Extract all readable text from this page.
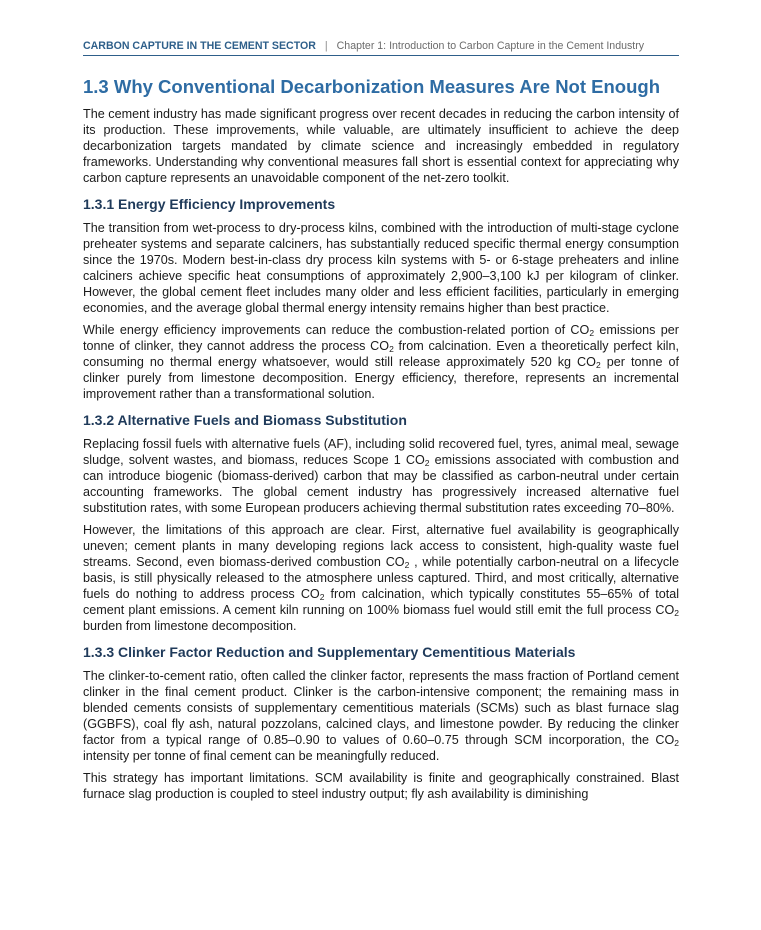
CARBON CAPTURE IN THE CEMENT SECTOR | Chapter 1: Introduction to Carbon Capture in the Cement Industry
1.3 Why Conventional Decarbonization Measures Are Not Enough

The cement industry has made significant progress over recent decades in reducing the carbon intensity of its production. These improvements, while valuable, are ultimately insufficient to achieve the deep decarbonization targets mandated by climate science and increasingly embedded in regulatory frameworks. Understanding why conventional measures fall short is essential context for appreciating why carbon capture represents an unavoidable component of the net-zero toolkit.

1.3.1 Energy Efficiency Improvements

The transition from wet-process to dry-process kilns, combined with the introduction of multi-stage cyclone preheater systems and separate calciners, has substantially reduced specific thermal energy consumption since the 1970s. Modern best-in-class dry process kiln systems with 5- or 6-stage preheaters and inline calciners achieve specific heat consumptions of approximately 2,900–3,100 kJ per kilogram of clinker. However, the global cement fleet includes many older and less efficient facilities, particularly in emerging economies, and the average global thermal energy intensity remains higher than best practice.

While energy efficiency improvements can reduce the combustion-related portion of $CO_2$ emissions per tonne of clinker, they cannot address the process $CO_2$ from calcination. Even a theoretically perfect kiln, consuming no thermal energy whatsoever, would still release approximately 520 kg $CO_2$ per tonne of clinker purely from limestone decomposition. Energy efficiency, therefore, represents an incremental improvement rather than a transformational solution.

1.3.2 Alternative Fuels and Biomass Substitution

Replacing fossil fuels with alternative fuels (AF), including solid recovered fuel, tyres, animal meal, sewage sludge, solvent wastes, and biomass, reduces Scope 1 $CO_2$ emissions associated with combustion and can introduce biogenic (biomass-derived) carbon that may be classified as carbon-neutral under certain accounting frameworks. The global cement industry has progressively increased alternative fuel substitution rates, with some European producers achieving thermal substitution rates exceeding 70–80%.

However, the limitations of this approach are clear. First, alternative fuel availability is geographically uneven; cement plants in many developing regions lack access to consistent, high-quality waste fuel streams. Second, even biomass-derived combustion $CO_2$ , while potentially carbon-neutral on a lifecycle basis, is still physically released to the atmosphere unless captured. Third, and most critically, alternative fuels do nothing to address process $CO_2$ from calcination, which typically constitutes 55–65% of total cement plant emissions. A cement kiln running on 100% biomass fuel would still emit the full process $CO_2$ burden from limestone decomposition.

1.3.3 Clinker Factor Reduction and Supplementary Cementitious Materials

The clinker-to-cement ratio, often called the clinker factor, represents the mass fraction of Portland cement clinker in the final cement product. Clinker is the carbon-intensive component; the remaining mass in blended cements consists of supplementary cementitious materials (SCMs) such as blast furnace slag (GGBFS), coal fly ash, natural pozzolans, calcined clays, and limestone powder. By reducing the clinker factor from a typical range of 0.85–0.90 to values of 0.60–0.75 through SCM incorporation, the $CO_2$ intensity per tonne of final cement can be meaningfully reduced.

This strategy has important limitations. SCM availability is finite and geographically constrained. Blast furnace slag production is coupled to steel industry output; fly ash availability is diminishing
